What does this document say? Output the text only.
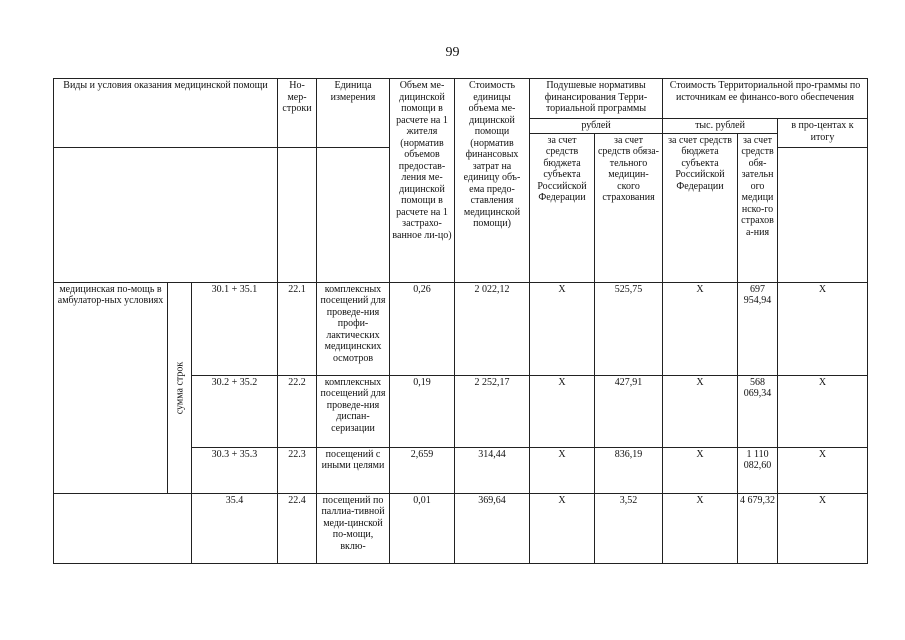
99
Виды и условия оказания медицинской помощи			Но-мер-строки	Единица измерения	Объем ме-дицинской помощи в расчете на 1 жителя (норматив объемов предостав-ления ме-дицинской помощи в расчете на 1 застрахо-ванное ли-цо)	Стоимость единицы объема ме-дицинской помощи (норматив финансовых затрат на единицу объ-ема предо-ставления медицинской помощи)	Подушевые нормативы финансирования Терри-ториальной программы		Стоимость Территориальной про-граммы по источникам ее финансо-вого обеспечения		
							рублей		тыс. рублей		в про-центах к итогу
							за счет средств бюджета субъекта Российской Федерации	за счет средств обяза-тельного медицин-ского страхования	за счет средств бюджета субъекта Российской Федерации	за счет средств обя-зательного медицинско-го страхова-ния	

медицинская по-мощь в амбулатор-ных условиях	сумма строк	30.1 + 35.1	22.1	комплексных посещений для проведе-ния профи-лактических медицинских осмотров	0,26	2 022,12	X	525,75	X	697 954,94	X
		30.2 + 35.2	22.2	комплексных посещений для проведе-ния диспан-серизации	0,19	2 252,17	X	427,91	X	568 069,34	X
		30.3 + 35.3	22.3	посещений с иными целями	2,659	314,44	X	836,19	X	1 110 082,60	X
		35.4	22.4	посещений по паллиа-тивной меди-цинской по-мощи, вклю-	0,01	369,64	X	3,52	X	4 679,32	X
